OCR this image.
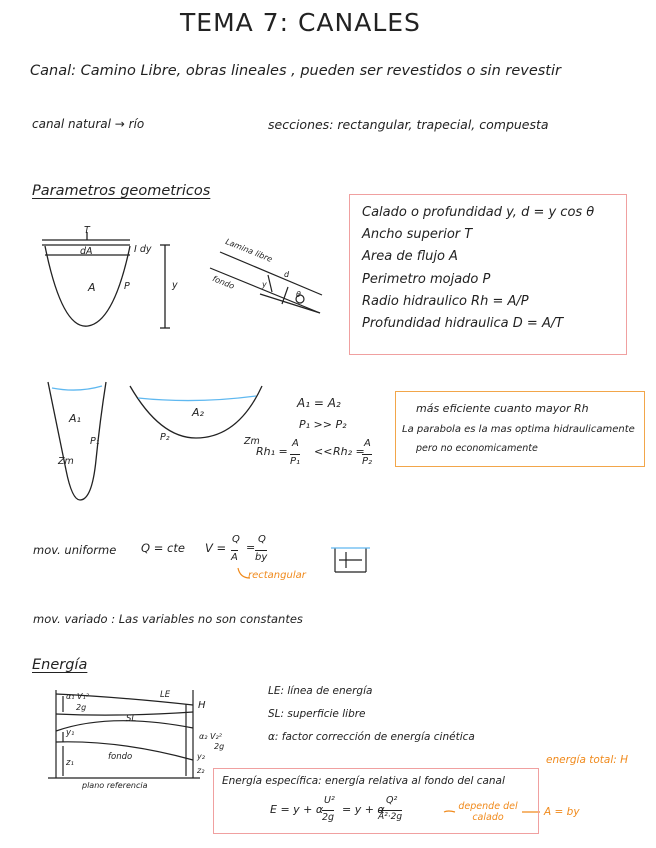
TEMA 7: CANALES
Canal: Camino Libre, obras lineales , pueden ser revestidos o sin revestir
canal natural → río	secciones: rectangular, trapecial, compuesta
Parametros geometricos
T
dA
A	P
I dy
y
Lamina libre
fondo	d
θ
y

Calado o profundidad y, d = y cos θ

Ancho superior T

Area de flujo A

Perimetro mojado P

Radio hidraulico Rh = A/P

Profundidad hidraulica D = A/T

A₁
P₁
Zm
A₂
P₂	Zm
A₁ = A₂
P₁ >> P₂
Rh₁ =
A
P₁
<< Rh₂ =
A
P₂
más eficiente cuanto mayor Rh
La parabola es la mas optima hidraulicamente
pero no economicamente
mov. uniforme Q = cte V =
Q
A
=
Q
by
rectangular
mov. variado : Las variables no son constantes
Energía
α₁ V₁²
2g
LE
H
SL
y₁
z₁
fondo
α₂ V₂²
2g
y₂
z₂
plano referencia
LE: línea de energía
SL: superficie libre
α: factor corrección de energía cinética
energía total: H
Energía específica: energía relativa al fondo del canal
E = y + α
U²
2g
= y + α
Q²
A²·2g
depende del calado	A = by
